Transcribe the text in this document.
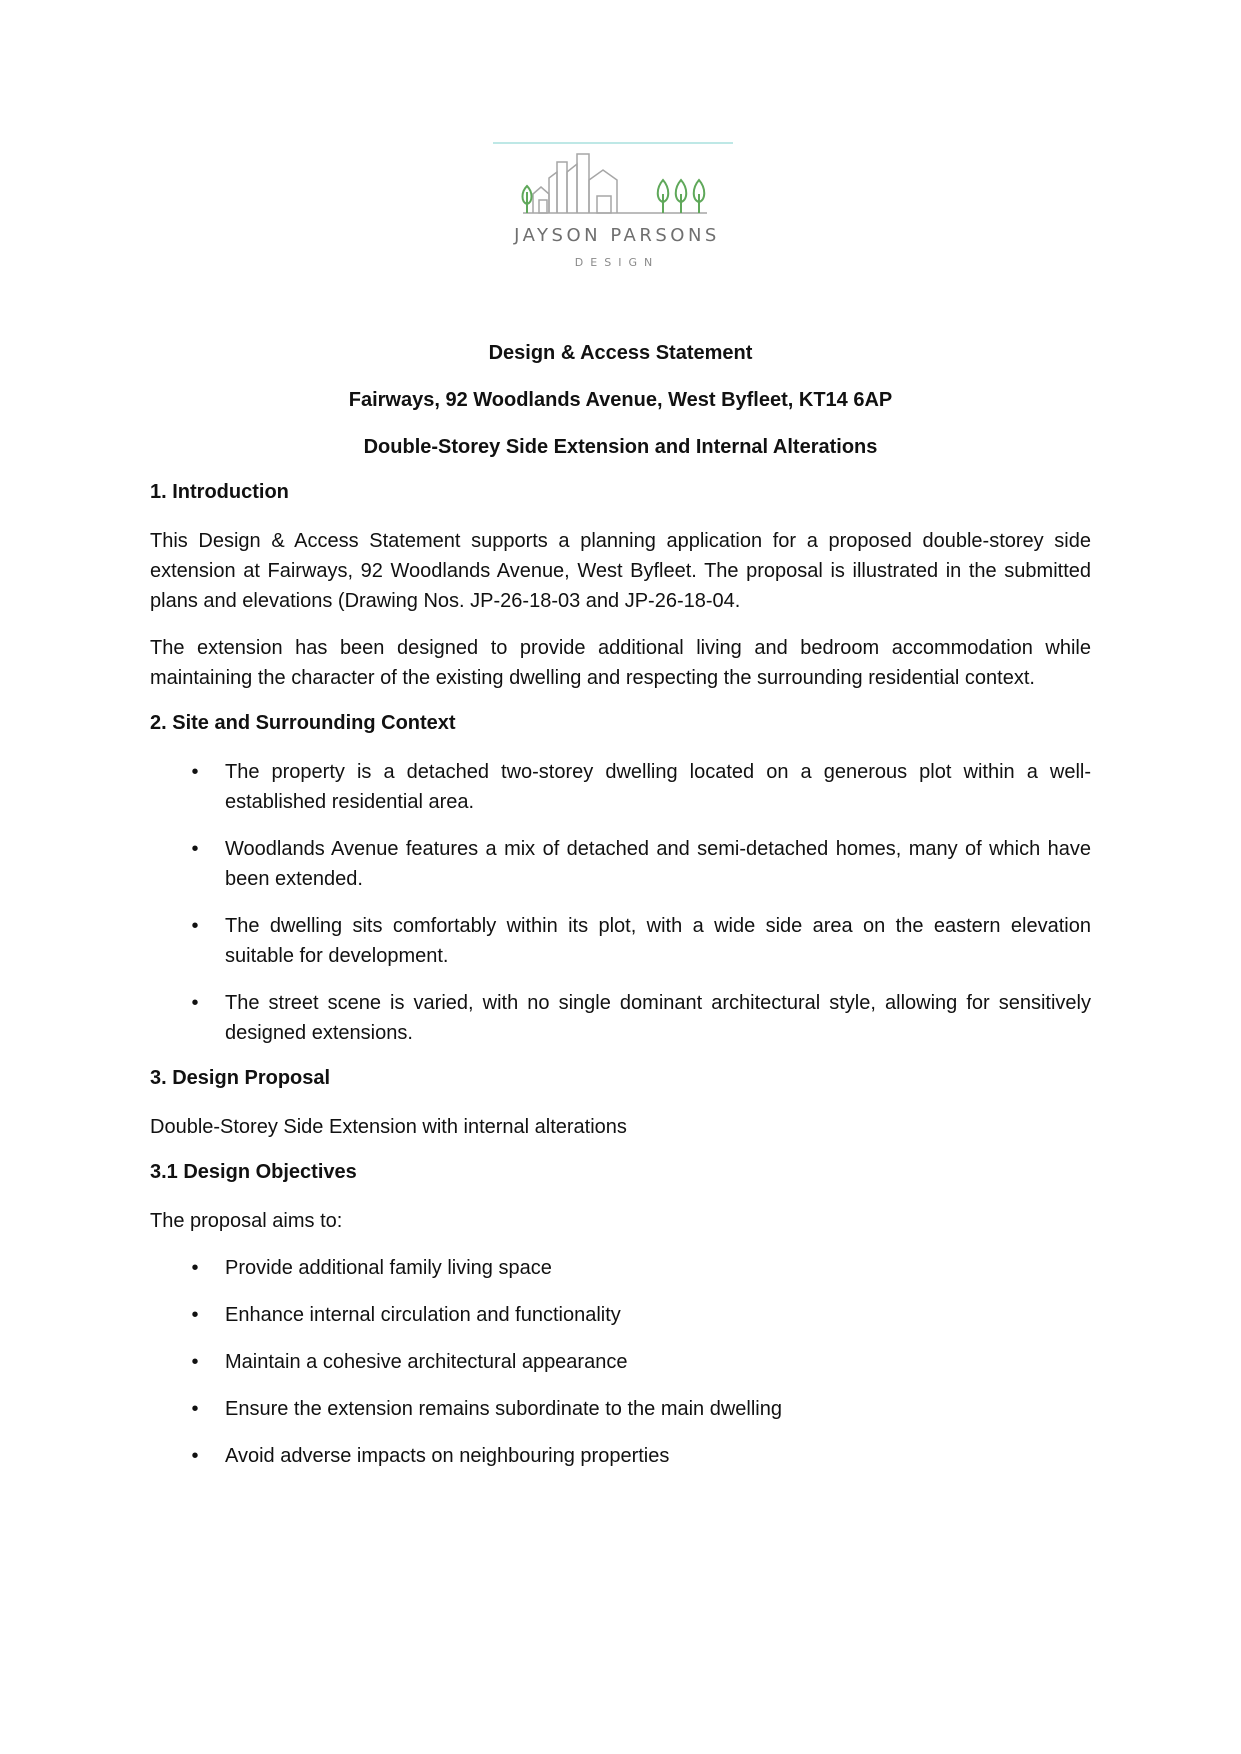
JAYSON PARSONS
DESIGN
Design & Access Statement
Fairways, 92 Woodlands Avenue, West Byfleet, KT14 6AP
Double-Storey Side Extension and Internal Alterations
1. Introduction
This Design & Access Statement supports a planning application for a proposed double-storey side extension at Fairways, 92 Woodlands Avenue, West Byfleet. The proposal is illustrated in the submitted plans and elevations (Drawing Nos. JP-26-18-03 and JP-26-18-04.
The extension has been designed to provide additional living and bedroom accommodation while maintaining the character of the existing dwelling and respecting the surrounding residential context.
2. Site and Surrounding Context
• The property is a detached two-storey dwelling located on a generous plot within a well-established residential area.
• Woodlands Avenue features a mix of detached and semi-detached homes, many of which have been extended.
• The dwelling sits comfortably within its plot, with a wide side area on the eastern elevation suitable for development.
• The street scene is varied, with no single dominant architectural style, allowing for sensitively designed extensions.
3. Design Proposal
Double-Storey Side Extension with internal alterations
3.1 Design Objectives
The proposal aims to:
• Provide additional family living space
• Enhance internal circulation and functionality
• Maintain a cohesive architectural appearance
• Ensure the extension remains subordinate to the main dwelling
• Avoid adverse impacts on neighbouring properties
